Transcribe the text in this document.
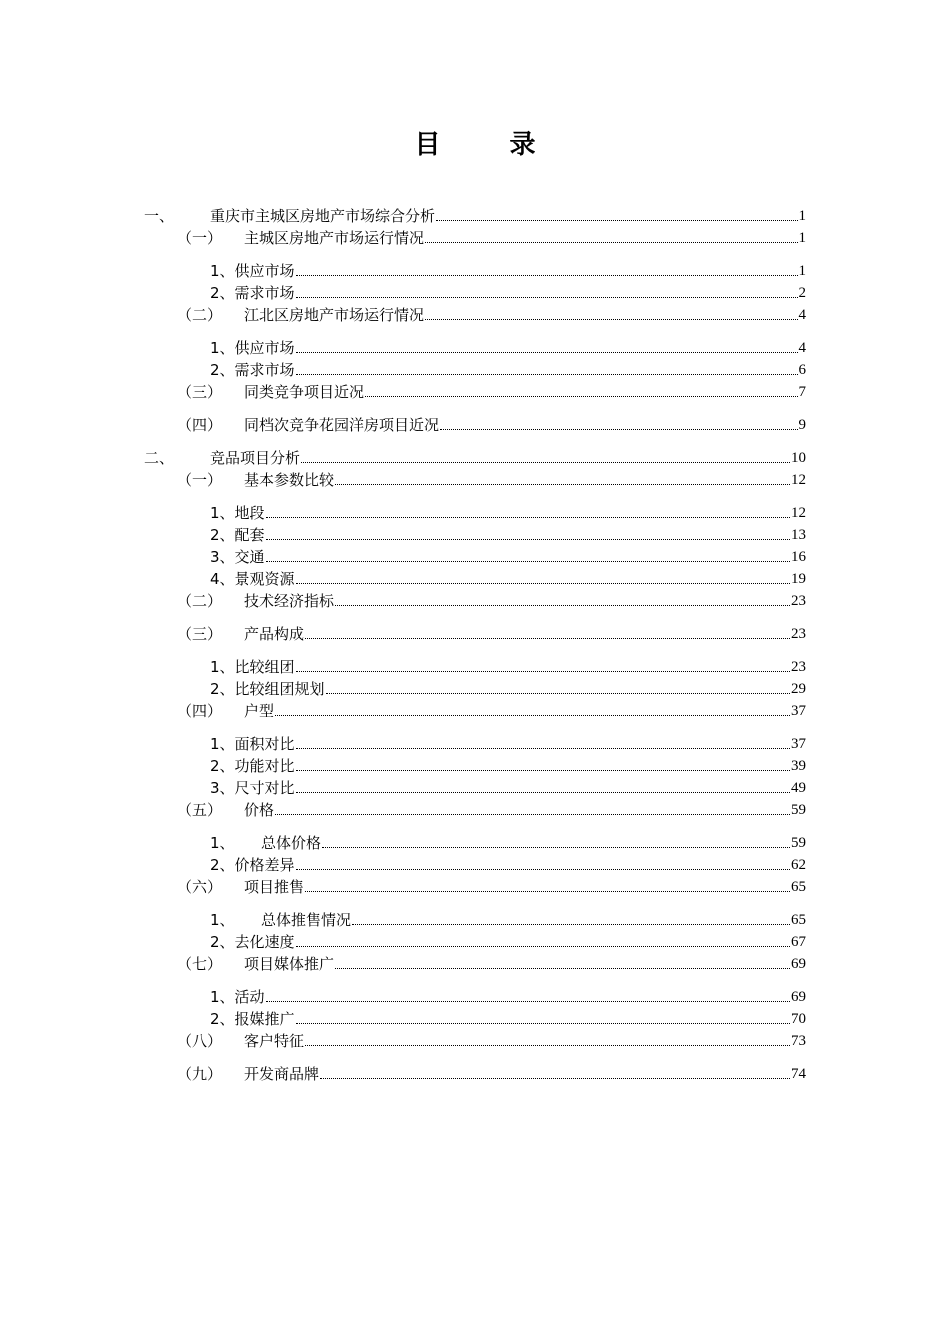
目 录
一、	重庆市主城区房地产市场综合分析	1
（一）	主城区房地产市场运行情况	1
1、 供应市场	1
2、 需求市场	2
（二）	江北区房地产市场运行情况	4
1、 供应市场	4
2、 需求市场	6
（三）	同类竞争项目近况	7
（四）	同档次竞争花园洋房项目近况	9
二、	竞品项目分析	10
（一）	基本参数比较	12
1、 地段	12
2、 配套	13
3、 交通	16
4、 景观资源	19
（二）	技术经济指标	23
（三）	产品构成	23
1、 比较组团	23
2、 比较组团规划	29
（四）	户型	37
1、 面积对比	37
2、 功能对比	39
3、 尺寸对比	49
（五）	价格	59
1、	总体价格	59
2、 价格差异	62
（六）	项目推售	65
1、	总体推售情况	65
2、 去化速度	67
（七）	项目媒体推广	69
1、 活动	69
2、 报媒推广	70
（八）	客户特征	73
（九）	开发商品牌	74
